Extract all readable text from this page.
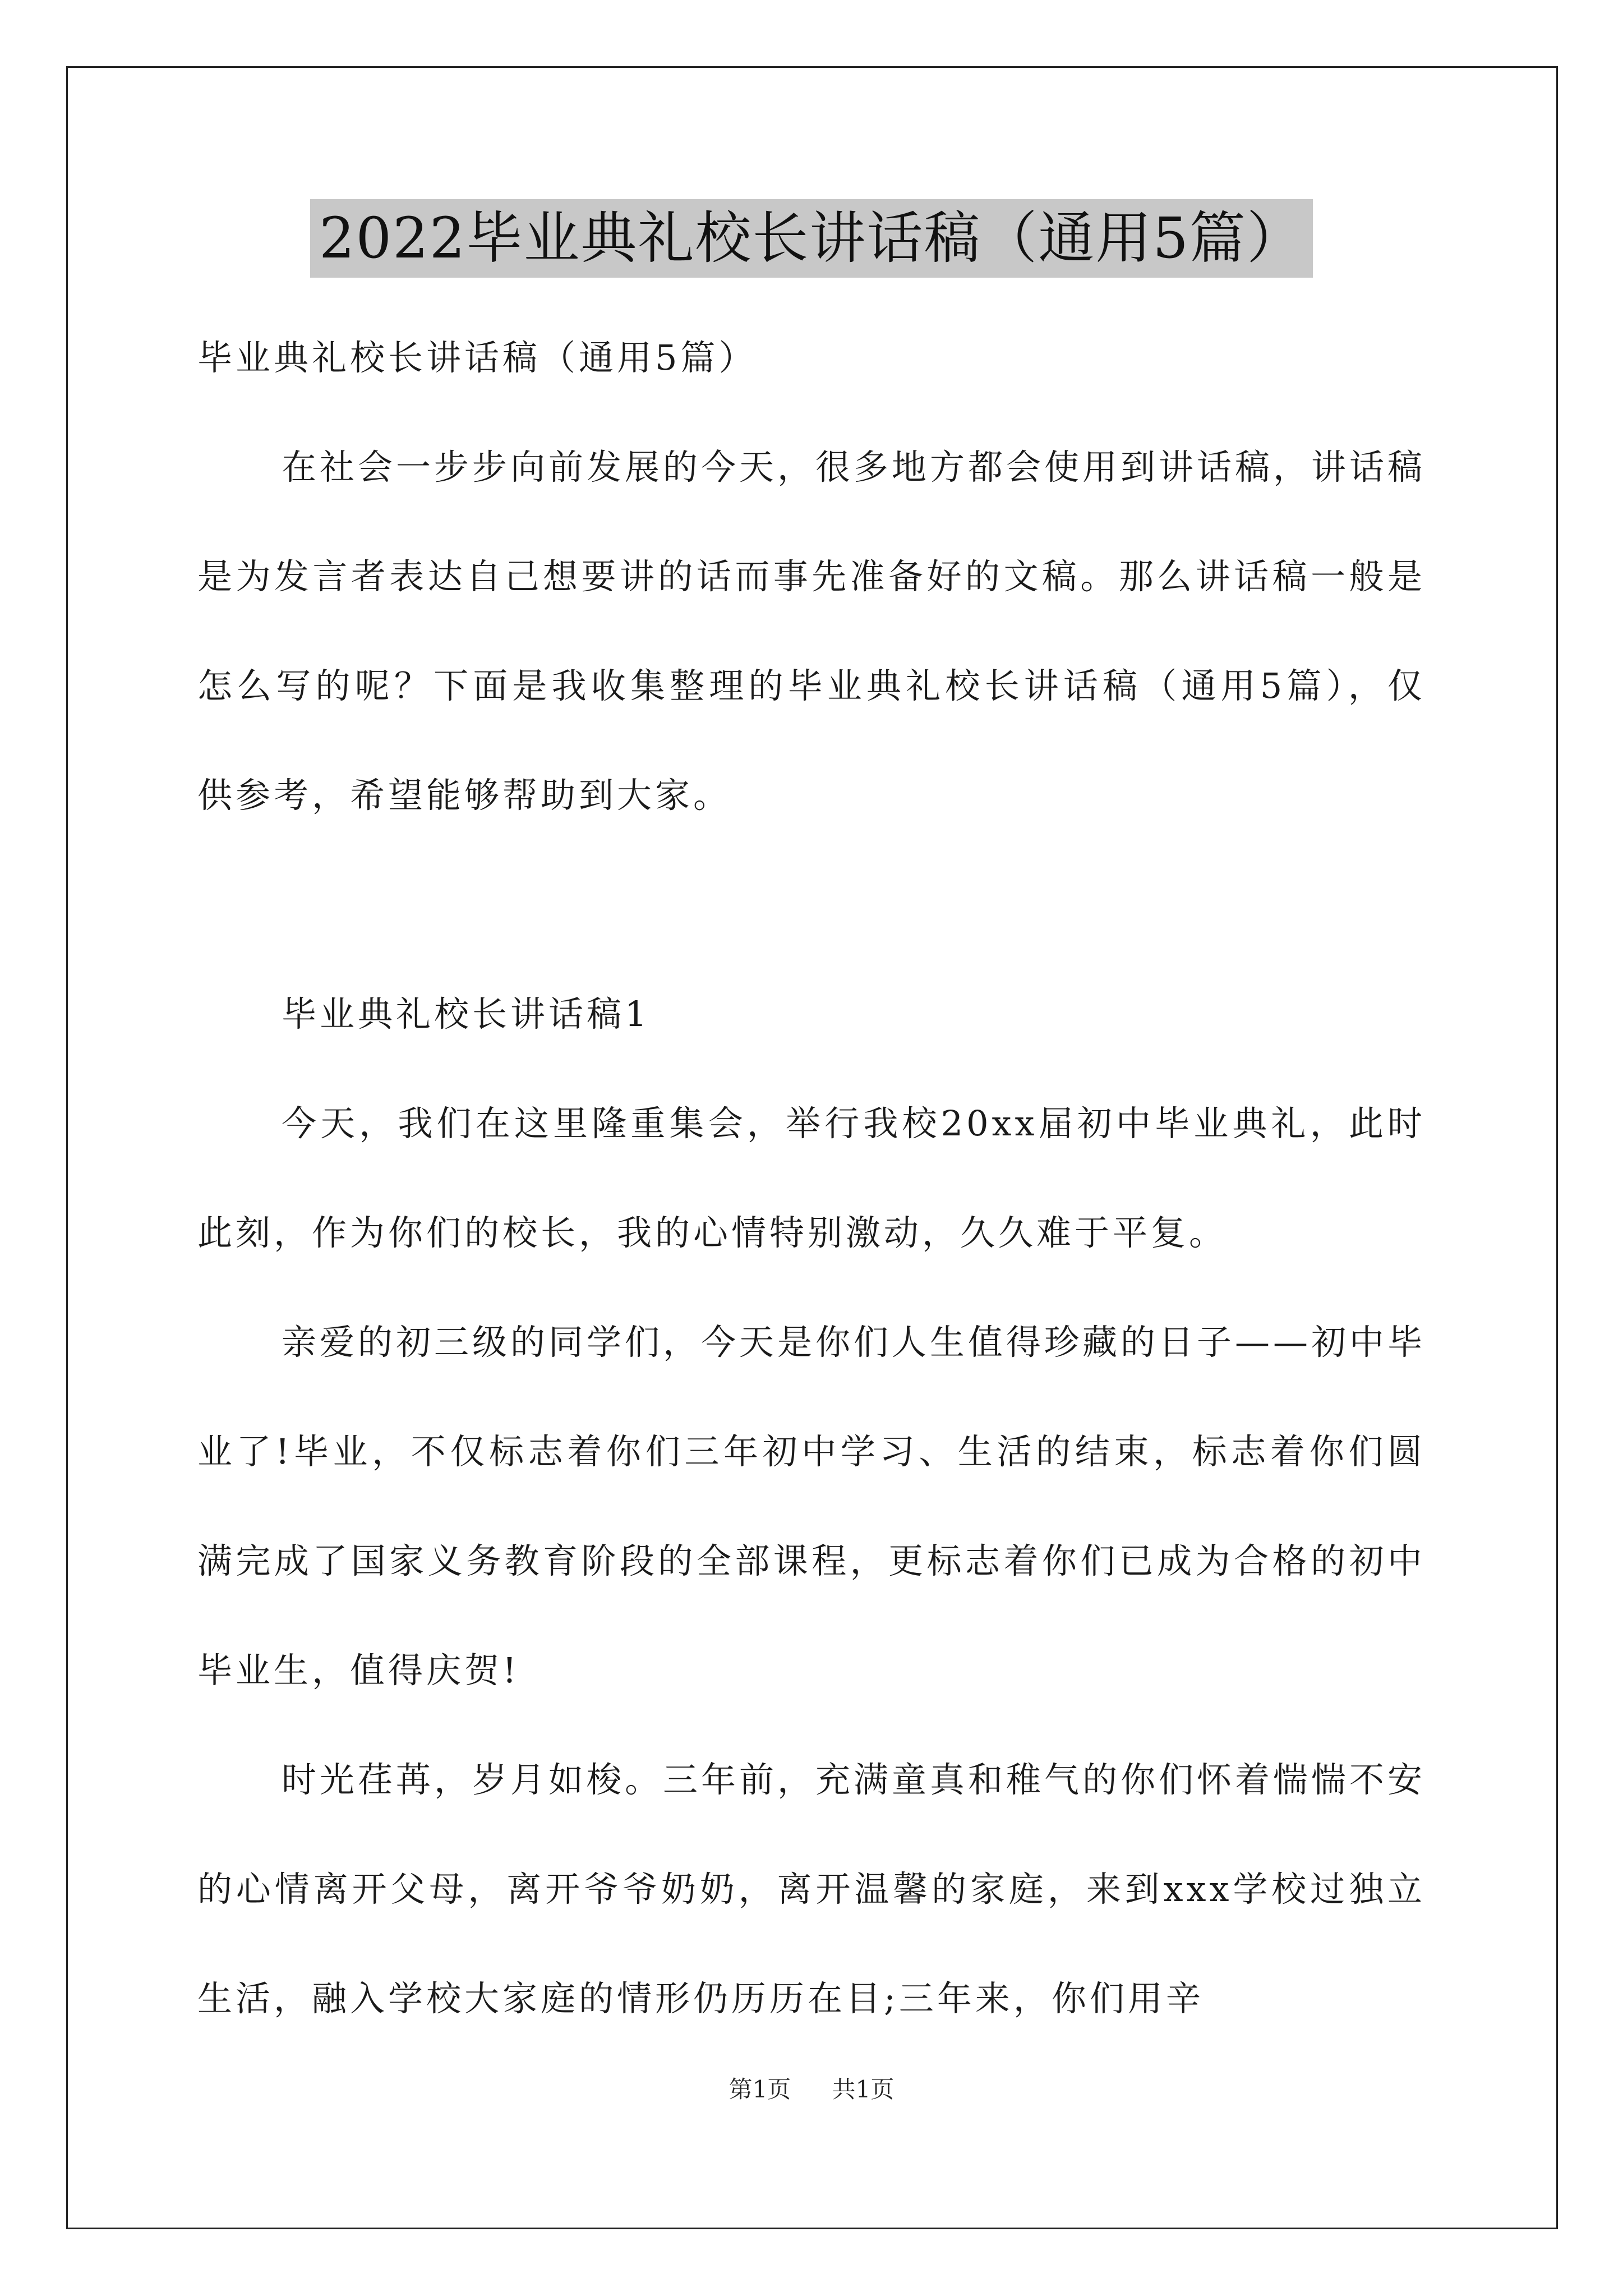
2022毕业典礼校长讲话稿（通用5篇）

毕业典礼校长讲话稿（通用5篇）

在社会一步步向前发展的今天，很多地方都会使用到讲话稿，讲话稿是为发言者表达自己想要讲的话而事先准备好的文稿。那么讲话稿一般是怎么写的呢？下面是我收集整理的毕业典礼校长讲话稿（通用5篇），仅供参考，希望能够帮助到大家。

毕业典礼校长讲话稿1

今天，我们在这里隆重集会，举行我校20xx届初中毕业典礼，此时此刻，作为你们的校长，我的心情特别激动，久久难于平复。

亲爱的初三级的同学们，今天是你们人生值得珍藏的日子——初中毕业了!毕业，不仅标志着你们三年初中学习、生活的结束，标志着你们圆满完成了国家义务教育阶段的全部课程，更标志着你们已成为合格的初中毕业生，值得庆贺!

时光荏苒，岁月如梭。三年前，充满童真和稚气的你们怀着惴惴不安的心情离开父母，离开爷爷奶奶，离开温馨的家庭，来到xxx学校过独立生活，融入学校大家庭的情形仍历历在目;三年来，你们用辛

第1页 共1页
